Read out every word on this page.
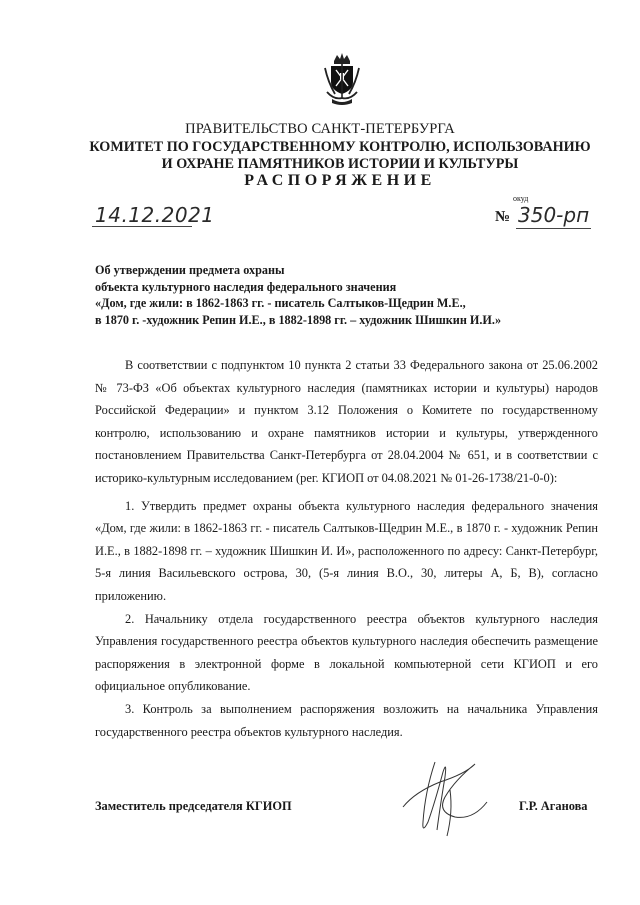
ПРАВИТЕЛЬСТВО САНКТ-ПЕТЕРБУРГА
КОМИТЕТ ПО ГОСУДАРСТВЕННОМУ КОНТРОЛЮ, ИСПОЛЬЗОВАНИЮ
И ОХРАНЕ ПАМЯТНИКОВ ИСТОРИИ И КУЛЬТУРЫ
РАСПОРЯЖЕНИЕ
окуд
14.12.2021	№ 350-рп
Об утверждении предмета охраны
объекта культурного наследия федерального значения
«Дом, где жили: в 1862-1863 гг. - писатель Салтыков-Щедрин М.Е.,
в 1870 г. -художник Репин И.Е., в 1882-1898 гг. – художник Шишкин И.И.»

В соответствии с подпунктом 10 пункта 2 статьи 33 Федерального закона от 25.06.2002 № 73-ФЗ «Об объектах культурного наследия (памятниках истории и культуры) народов Российской Федерации» и пунктом 3.12 Положения о Комитете по государственному контролю, использованию и охране памятников истории и культуры, утвержденного постановлением Правительства Санкт-Петербурга от 28.04.2004 № 651, и в соответствии с историко-культурным исследованием (рег. КГИОП от 04.08.2021 № 01-26-1738/21-0-0):

1. Утвердить предмет охраны объекта культурного наследия федерального значения «Дом, где жили: в 1862-1863 гг. - писатель Салтыков-Щедрин М.Е., в 1870 г. - художник Репин И.Е., в 1882-1898 гг. – художник Шишкин И. И», расположенного по адресу: Санкт-Петербург, 5-я линия Васильевского острова, 30, (5-я линия В.О., 30, литеры А, Б, В), согласно приложению.

2. Начальнику отдела государственного реестра объектов культурного наследия Управления государственного реестра объектов культурного наследия обеспечить размещение распоряжения в электронной форме в локальной компьютерной сети КГИОП и его официальное опубликование.

3. Контроль за выполнением распоряжения возложить на начальника Управления государственного реестра объектов культурного наследия.

Заместитель председателя КГИОП	Г.Р. Аганова
